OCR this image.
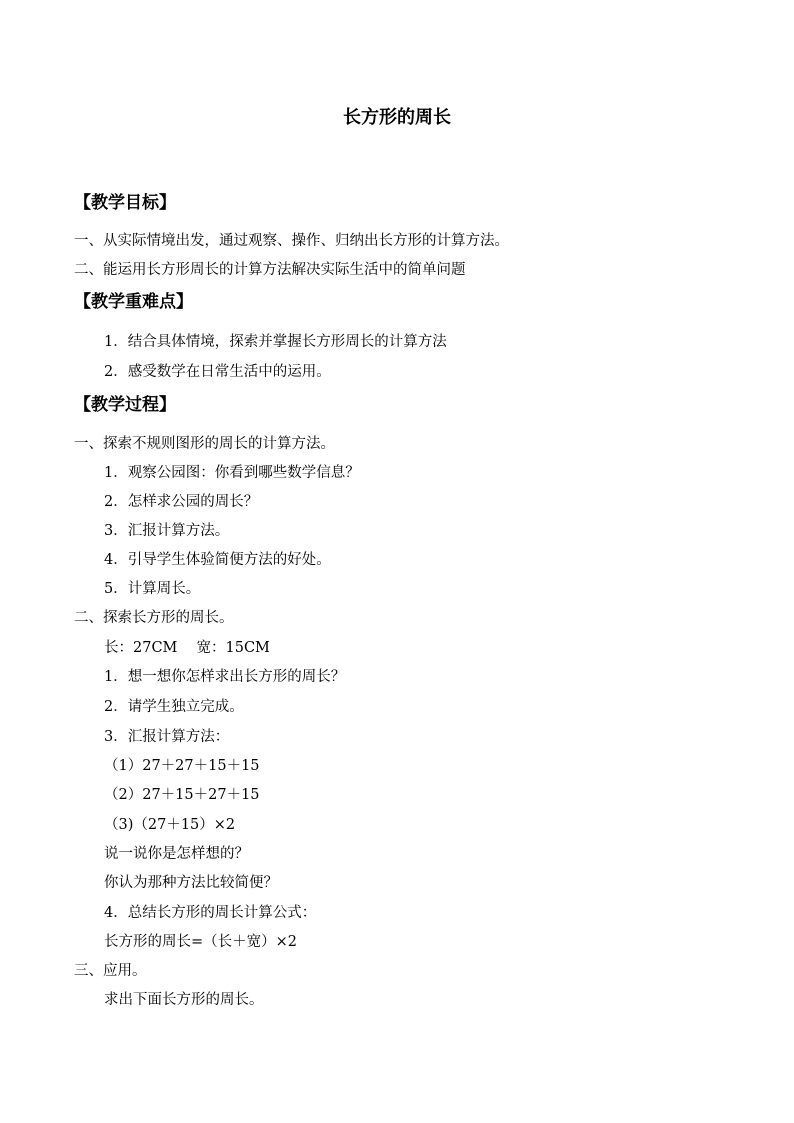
长方形的周长
【教学目标】
一、从实际情境出发，通过观察、操作、归纳出长方形的计算方法。
二、能运用长方形周长的计算方法解决实际生活中的简单问题
【教学重难点】
1．结合具体情境，探索并掌握长方形周长的计算方法
2．感受数学在日常生活中的运用。
【教学过程】
一、探索不规则图形的周长的计算方法。
1．观察公园图：你看到哪些数学信息？
2．怎样求公园的周长？
3．汇报计算方法。
4．引导学生体验简便方法的好处。
5．计算周长。
二、探索长方形的周长。
长：27CM　 宽：15CM
1．想一想你怎样求出长方形的周长？
2．请学生独立完成。
3．汇报计算方法：
（1）27＋27＋15＋15
（2）27＋15＋27＋15
（3)（27＋15）×2
说一说你是怎样想的？
你认为那种方法比较简便？
4．总结长方形的周长计算公式：
长方形的周长=（长＋宽）×2
三、应用。
求出下面长方形的周长。
